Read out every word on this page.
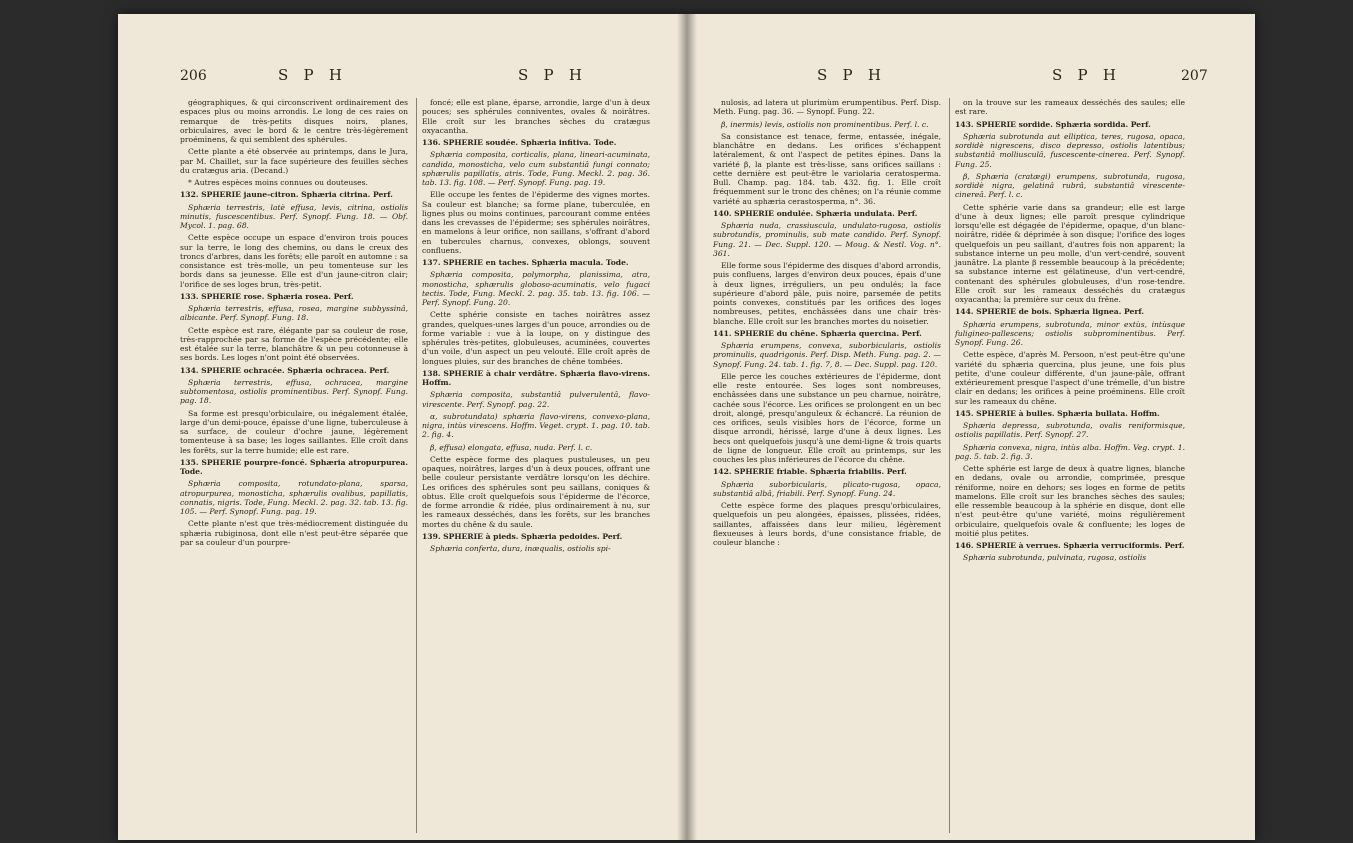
206	S P H	S P H

géographiques, & qui circonscrivent ordinairement des espaces plus ou moins arrondis. Le long de ces raies on remarque de très-petits disques noirs, planes, orbiculaires, avec le bord & le centre très-légèrement proéminens, & qui semblent des sphérules.

Cette plante a été observée au printemps, dans le Jura, par M. Chaillet, sur la face supérieure des feuilles sèches du cratægus aria. (Decand.)

* Autres espèces moins connues ou douteuses.

132. SPHERIE jaune-citron. Sphæria citrina. Perf.

Sphæria terrestris, latè effusa, levis, citrina, ostiolis minutis, fuscescentibus. Perf. Synopf. Fung. 18. — Obf. Mycol. 1. pag. 68.

Cette espèce occupe un espace d'environ trois pouces sur la terre, le long des chemins, ou dans le creux des troncs d'arbres, dans les forêts; elle paroît en automne : sa consistance est très-molle, un peu tomenteuse sur les bords dans sa jeunesse. Elle est d'un jaune-citron clair; l'orifice de ses loges brun, très-petit.

133. SPHERIE rose. Sphæria rosea. Perf.

Sphæria terrestris, effusa, rosea, margine subbyssinâ, albicante. Perf. Synopf. Fung. 18.

Cette espèce est rare, élégante par sa couleur de rose, très-rapprochée par sa forme de l'espèce précédente; elle est étalée sur la terre, blanchâtre & un peu cotonneuse à ses bords. Les loges n'ont point été observées.

134. SPHERIE ochracée. Sphæria ochracea. Perf.

Sphæria terrestris, effusa, ochracea, margine subtomentosa, ostiolis prominentibus. Perf. Synopf. Fung. pag. 18.

Sa forme est presqu'orbiculaire, ou inégalement étalée, large d'un demi-pouce, épaisse d'une ligne, tuberculeuse à sa surface, de couleur d'ochre jaune, légèrement tomenteuse à sa base; les loges saillantes. Elle croît dans les forêts, sur la terre humide; elle est rare.

135. SPHERIE pourpre-foncé. Sphæria atropurpurea. Tode.

Sphæria composita, rotundato-plana, sparsa, atropurpurea, monosticha, sphærulis ovalibus, papillatis, connatis, nigris. Tode, Fung. Meckl. 2. pag. 32. tab. 13. fig. 105. — Perf. Synopf. Fung. pag. 19.

Cette plante n'est que très-médiocrement distinguée du sphæria rubiginosa, dont elle n'est peut-être séparée que par sa couleur d'un pourpre-

foncé; elle est plane, éparse, arrondie, large d'un à deux pouces; ses sphérules conniventes, ovales & noirâtres. Elle croît sur les branches sèches du cratægus oxyacantha.

136. SPHERIE soudée. Sphæria infitiva. Tode.

Sphæria composita, corticalis, plana, lineari-acuminata, candida, monosticha, velo cum substantiâ fungi connato; sphærulis papillatis, atris. Tode, Fung. Meckl. 2. pag. 36. tab. 13. fig. 108. — Perf. Synopf. Fung. pag. 19.

Elle occupe les fentes de l'épiderme des vignes mortes. Sa couleur est blanche; sa forme plane, tuberculée, en lignes plus ou moins continues, parcourant comme entées dans les crevasses de l'épiderme; ses sphérules noirâtres, en mamelons à leur orifice, non saillans, s'offrant d'abord en tubercules charnus, convexes, oblongs, souvent confluens.

137. SPHERIE en taches. Sphæria macula. Tode.

Sphæria composita, polymorpha, planissima, atra, monosticha, sphærulis globoso-acuminatis, velo fugaci tectis. Tode, Fung. Meckl. 2. pag. 35. tab. 13. fig. 106. — Perf. Synopf. Fung. 20.

Cette sphérie consiste en taches noirâtres assez grandes, quelques-unes larges d'un pouce, arrondies ou de forme variable : vue à la loupe, on y distingue des sphérules très-petites, globuleuses, acuminées, couvertes d'un voile, d'un aspect un peu velouté. Elle croît après de longues pluies, sur des branches de chêne tombées.

138. SPHERIE à chair verdâtre. Sphæria flavo-virens. Hoffm.

Sphæria composita, substantiâ pulverulentâ, flavo-virescente. Perf. Synopf. pag. 22.

α, subrotundata) sphæria flavo-virens, convexo-plana, nigra, intùs virescens. Hoffm. Veget. crypt. 1. pag. 10. tab. 2. fig. 4.

β, effusa) elongata, effusa, nuda. Perf. l. c.

Cette espèce forme des plaques pustuleuses, un peu opaques, noirâtres, larges d'un à deux pouces, offrant une belle couleur persistante verdâtre lorsqu'on les déchire. Les orifices des sphérules sont peu saillans, coniques & obtus. Elle croît quelquefois sous l'épiderme de l'écorce, de forme arrondie & ridée, plus ordinairement à nu, sur les rameaux desséchés, dans les forêts, sur les branches mortes du chêne & du saule.

139. SPHERIE à pieds. Sphæria pedoides. Perf.

Sphæria conferta, dura, inæqualis, ostiolis spi-

S P H	S P H	207

nulosis, ad latera ut plurimùm erumpentibus. Perf. Disp. Meth. Fung. pag. 36. — Synopf. Fung. 22.

β, inermis) levis, ostiolis non prominentibus. Perf. l. c.

Sa consistance est tenace, ferme, entassée, inégale, blanchâtre en dedans. Les orifices s'échappent latéralement, & ont l'aspect de petites épines. Dans la variété β, la plante est très-lisse, sans orifices saillans : cette dernière est peut-être le variolaria ceratosperma. Bull. Champ. pag. 184. tab. 432. fig. 1. Elle croît fréquemment sur le tronc des chênes; on l'a réunie comme variété au sphæria cerastosperma, n°. 36.

140. SPHERIE ondulée. Sphæria undulata. Perf.

Sphæria nuda, crassiuscula, undulato-rugosa, ostiolis subrotundis, prominulis, sub mate candido. Perf. Synopf. Fung. 21. — Dec. Suppl. 120. — Moug. & Nestl. Vog. n°. 361.

Elle forme sous l'épiderme des disques d'abord arrondis, puis confluens, larges d'environ deux pouces, épais d'une à deux lignes, irréguliers, un peu ondulés; la face supérieure d'abord pâle, puis noire, parsemée de petits points convexes, constitués par les orifices des loges nombreuses, petites, enchâssées dans une chair très-blanche. Elle croît sur les branches mortes du noisetier.

141. SPHERIE du chêne. Sphæria quercina. Perf.

Sphæria erumpens, convexa, suborbicularis, ostiolis prominulis, quadrigonis. Perf. Disp. Meth. Fung. pag. 2. — Synopf. Fung. 24. tab. 1. fig. 7, 8. — Dec. Suppl. pag. 120.

Elle perce les couches extérieures de l'épiderme, dont elle reste entourée. Ses loges sont nombreuses, enchâssées dans une substance un peu charnue, noirâtre, cachée sous l'écorce. Les orifices se prolongent en un bec droit, alongé, presqu'anguleux & échancré. La réunion de ces orifices, seuls visibles hors de l'écorce, forme un disque arrondi, hérissé, large d'une à deux lignes. Les becs ont quelquefois jusqu'à une demi-ligne & trois quarts de ligne de longueur. Elle croît au printemps, sur les couches les plus inférieures de l'écorce du chêne.

142. SPHERIE friable. Sphæria friabilis. Perf.

Sphæria suborbicularis, plicato-rugosa, opaca, substantiâ albâ, friabili. Perf. Synopf. Fung. 24.

Cette espèce forme des plaques presqu'orbiculaires, quelquefois un peu alongées, épaisses, plissées, ridées, saillantes, affaissées dans leur milieu, légèrement flexueuses à leurs bords, d'une consistance friable, de couleur blanche :

on la trouve sur les rameaux desséchés des saules; elle est rare.

143. SPHERIE sordide. Sphæria sordida. Perf.

Sphæria subrotunda aut elliptica, teres, rugosa, opaca, sordidè nigrescens, disco depresso, ostiolis latentibus; substantiâ molliusculâ, fuscescente-cinerea. Perf. Synopf. Fung. 25.

β, Sphæria (cratægi) erumpens, subrotunda, rugosa, sordidè nigra, gelatinâ rubrâ, substantiâ virescente-cinereâ. Perf. l. c.

Cette sphérie varie dans sa grandeur; elle est large d'une à deux lignes; elle paroît presque cylindrique lorsqu'elle est dégagée de l'épiderme, opaque, d'un blanc-noirâtre, ridée & déprimée à son disque; l'orifice des loges quelquefois un peu saillant, d'autres fois non apparent; la substance interne un peu molle, d'un vert-cendré, souvent jaunâtre. La plante β ressemble beaucoup à la précédente; sa substance interne est gélatineuse, d'un vert-cendré, contenant des sphérules globuleuses, d'un rose-tendre. Elle croît sur les rameaux desséchés du cratægus oxyacantha; la première sur ceux du frêne.

144. SPHERIE de bois. Sphæria lignea. Perf.

Sphæria erumpens, subrotunda, minor extùs, intùsque fuligineo-pallescens; ostiolis subprominentibus. Perf. Synopf. Fung. 26.

Cette espèce, d'après M. Persoon, n'est peut-être qu'une variété du sphæria quercina, plus jeune, une fois plus petite, d'une couleur différente, d'un jaune-pâle, offrant extérieurement presque l'aspect d'une trémelle, d'un bistre clair en dedans; les orifices à peine proéminens. Elle croît sur les rameaux du chêne.

145. SPHERIE à bulles. Sphæria bullata. Hoffm.

Sphæria depressa, subrotunda, ovalis reniformisque, ostiolis papillatis. Perf. Synopf. 27.

Sphæria convexa, nigra, intùs alba. Hoffm. Veg. crypt. 1. pag. 5. tab. 2. fig. 3.

Cette sphérie est large de deux à quatre lignes, blanche en dedans, ovale ou arrondie, comprimée, presque réniforme, noire en dehors; ses loges en forme de petits mamelons. Elle croît sur les branches sèches des saules; elle ressemble beaucoup à la sphérie en disque, dont elle n'est peut-être qu'une variété, moins régulièrement orbiculaire, quelquefois ovale & confluente; les loges de moitié plus petites.

146. SPHERIE à verrues. Sphæria verruciformis. Perf.

Sphæria subrotunda, pulvinata, rugosa, ostiolis
